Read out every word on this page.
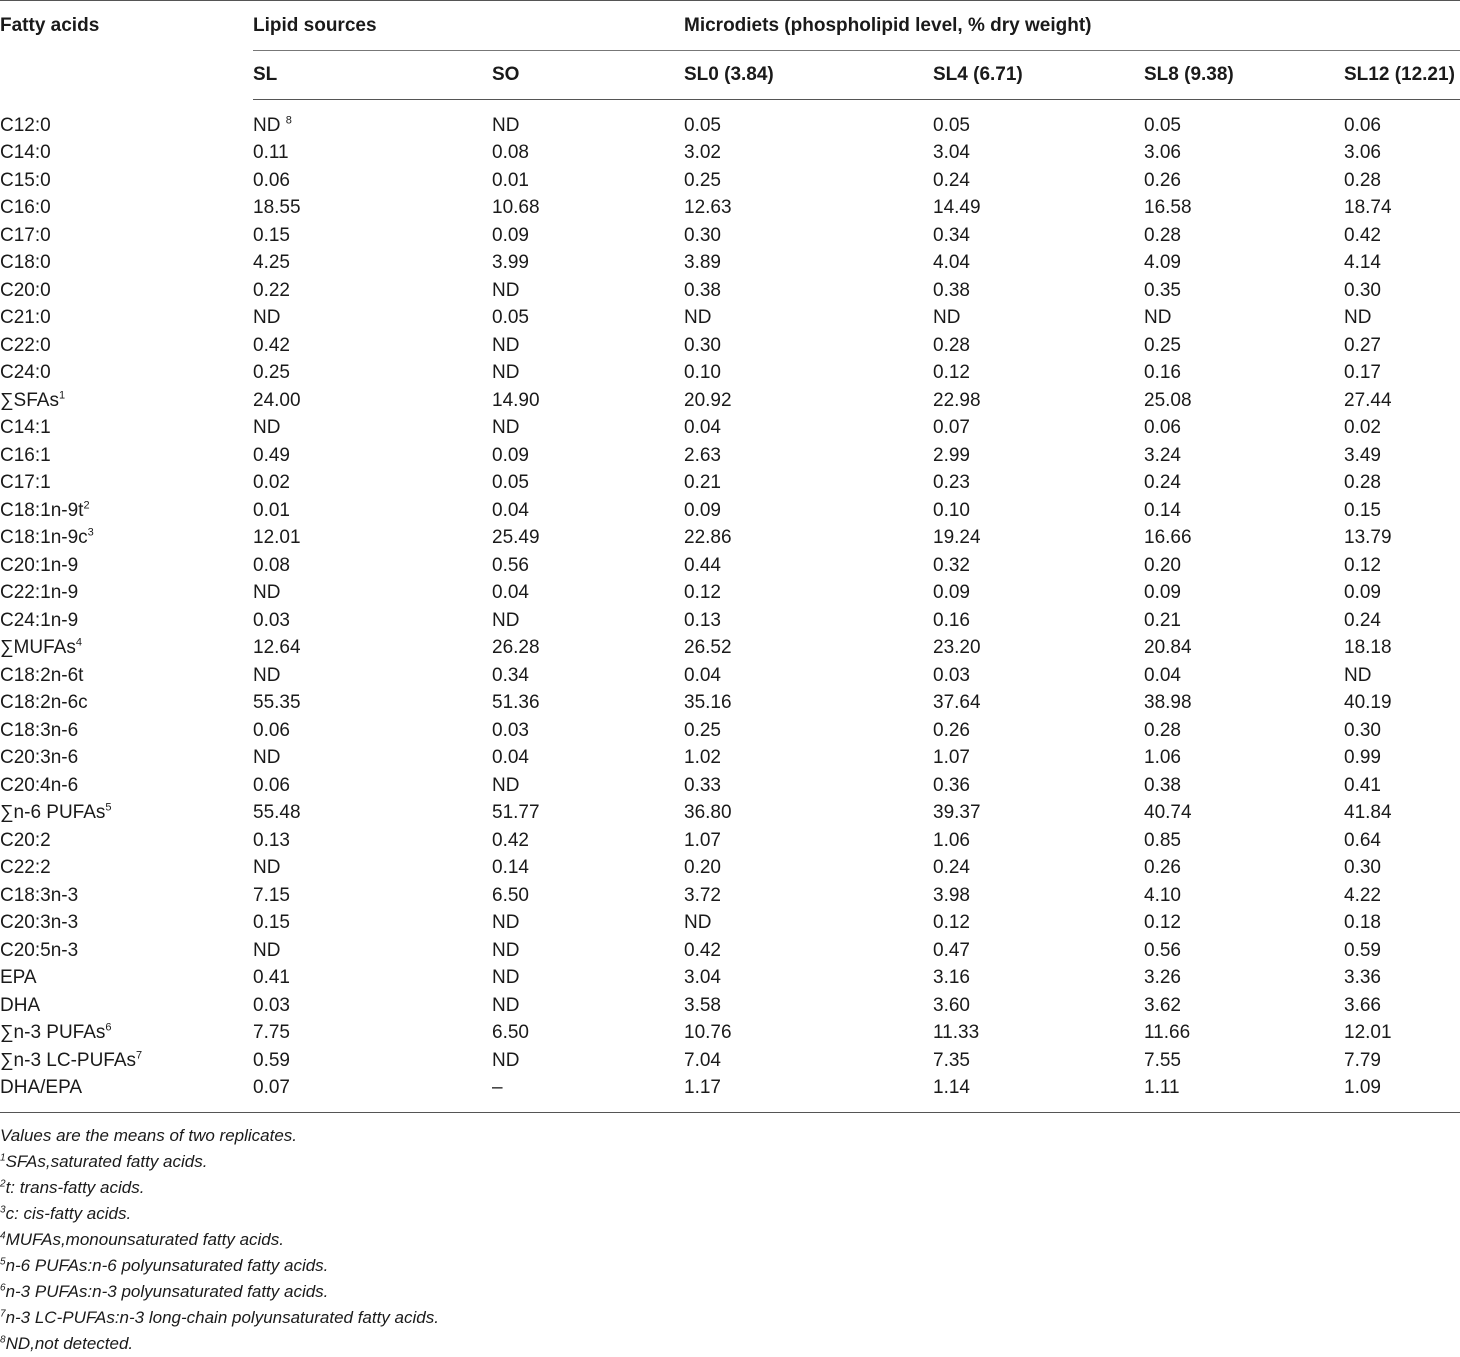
Fatty acids	Lipid sources		Microdiets (phospholipid level, % dry weight)			

	SL	SO	SL0 (3.84)	SL4 (6.71)	SL8 (9.38)	SL12 (12.21)
C12:0	ND $^8$	ND	0.05	0.05	0.05	0.06
C14:0	0.11	0.08	3.02	3.04	3.06	3.06
C15:0	0.06	0.01	0.25	0.24	0.26	0.28
C16:0	18.55	10.68	12.63	14.49	16.58	18.74
C17:0	0.15	0.09	0.30	0.34	0.28	0.42
C18:0	4.25	3.99	3.89	4.04	4.09	4.14
C20:0	0.22	ND	0.38	0.38	0.35	0.30
C21:0	ND	0.05	ND	ND	ND	ND
C22:0	0.42	ND	0.30	0.28	0.25	0.27
C24:0	0.25	ND	0.10	0.12	0.16	0.17
∑SFAs$^1$	24.00	14.90	20.92	22.98	25.08	27.44
C14:1	ND	ND	0.04	0.07	0.06	0.02
C16:1	0.49	0.09	2.63	2.99	3.24	3.49
C17:1	0.02	0.05	0.21	0.23	0.24	0.28
$C18:1n-9t^2$	0.01	0.04	0.09	0.10	0.14	0.15
$C18:1n-9c^3$	12.01	25.49	22.86	19.24	16.66	13.79
C20:1n-9	0.08	0.56	0.44	0.32	0.20	0.12
C22:1n-9	ND	0.04	0.12	0.09	0.09	0.09
C24:1n-9	0.03	ND	0.13	0.16	0.21	0.24
∑MUFAs$^4$	12.64	26.28	26.52	23.20	20.84	18.18
C18:2n-6t	ND	0.34	0.04	0.03	0.04	ND
C18:2n-6c	55.35	51.36	35.16	37.64	38.98	40.19
C18:3n-6	0.06	0.03	0.25	0.26	0.28	0.30
C20:3n-6	ND	0.04	1.02	1.07	1.06	0.99
C20:4n-6	0.06	ND	0.33	0.36	0.38	0.41
∑n-6 PUFAs$^5$	55.48	51.77	36.80	39.37	40.74	41.84
C20:2	0.13	0.42	1.07	1.06	0.85	0.64
C22:2	ND	0.14	0.20	0.24	0.26	0.30
C18:3n-3	7.15	6.50	3.72	3.98	4.10	4.22
C20:3n-3	0.15	ND	ND	0.12	0.12	0.18
C20:5n-3	ND	ND	0.42	0.47	0.56	0.59
EPA	0.41	ND	3.04	3.16	3.26	3.36
DHA	0.03	ND	3.58	3.60	3.62	3.66
∑n-3 PUFAs$^6$	7.75	6.50	10.76	11.33	11.66	12.01
∑n-3 LC-PUFAs$^7$	0.59	ND	7.04	7.35	7.55	7.79
DHA/EPA	0.07	–	1.17	1.14	1.11	1.09
Values are the means of two replicates.
$^1$SFAs,saturated fatty acids.
$^2$t: trans-fatty acids.
$^3$c: cis-fatty acids.
$^4$MUFAs,monounsaturated fatty acids.
$^5$n-6 PUFAs:n-6 polyunsaturated fatty acids.
$^6$n-3 PUFAs:n-3 polyunsaturated fatty acids.
$^7$n-3 LC-PUFAs:n-3 long-chain polyunsaturated fatty acids.
$^8$ND,not detected.
